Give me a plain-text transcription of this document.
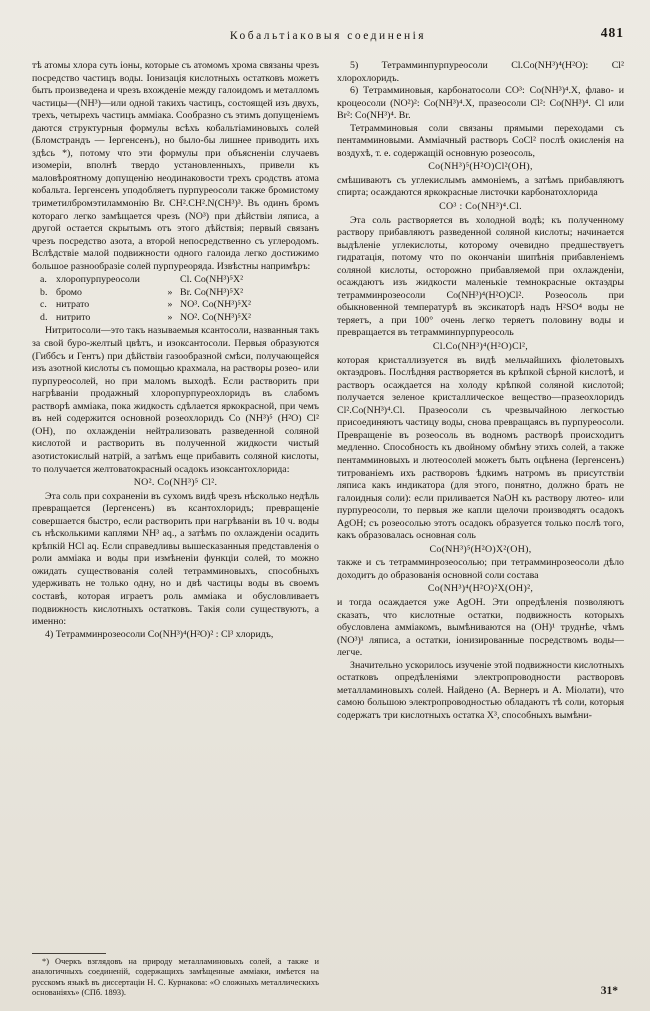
Кобальтіаковыя соединенія	481

тѣ атомы хлора суть іоны, которые съ атомомъ хрома связаны чрезъ посредство частицъ воды. Іонизація кислотныхъ остатковъ можетъ быть произведена и чрезъ вхожденіе между галоидомъ и металломъ частицы—(NH³)—или одной такихъ частицъ, состоящей изъ двухъ, трехъ, четырехъ частицъ амміака. Сообразно съ этимъ допущеніемъ даются структурныя формулы всѣхъ кобальтіаминовыхъ солей (Бломстрандъ — Іергенсенъ), но было-бы лишнее приводить ихъ здѣсь *), потому что эти формулы при объясненіи случаевъ изомеріи, вполнѣ твердо установленныхъ, привели къ маловѣроятному допущенію неодинаковости трехъ сродствъ атома кобальта. Іергенсенъ уподобляетъ пурпуреосоли также бромистому триметилбромэтиламмонію Br. CH².CH².N(CH³)³. Въ одинъ бромъ котораго легко замѣщается чрезъ (NO³) при дѣйствіи ляписа, а другой остается скрытымъ отъ этого дѣйствія; первый связанъ чрезъ посредство азота, а второй непосредственно съ углеродомъ. Вслѣдствіе малой подвижности одного галоида легко достижимо большое разнообразіе солей пурпуреоряда. Извѣстны напримѣръ:

a. хлоропурпуреосоли	Cl. Co(NH³)⁵X²
b. бромо	» Br. Co(NH³)⁵X²
c. нитрато	» NO³. Co(NH³)⁵X²
d. нитрито	» NO². Co(NH³)⁵X²

Нитритосоли—это такъ называемыя ксантосоли, названныя такъ за свой буро-желтый цвѣтъ, и изоксантосоли. Первыя образуются (Гиббсъ и Гентъ) при дѣйствіи газообразной смѣси, получающейся изъ азотной кислоты съ помощью крахмала, на растворы розео- или пурпуреосолей, но при маломъ выходѣ. Если растворить при нагрѣваніи продажный хлоропурпуреохлоридъ въ слабомъ растворѣ амміака, пока жидкость сдѣлается яркокрасной, при чемъ въ ней содержится основной розеохлоридъ Co (NH³)⁵ (H²O) Cl² (OH), по охлажденіи нейтрализовать разведенной соляной кислотой и растворить въ полученной жидкости чистый азотистокислый натрій, а затѣмъ еще прибавить соляной кислоты, то получается желтоватокрасный осадокъ изоксантохлорида:

NO². Co(NH³)⁵ Cl².

Эта соль при сохраненіи въ сухомъ видѣ чрезъ нѣсколько недѣль превращается (Іергенсенъ) въ ксантохлоридъ; превращеніе совершается быстро, если растворить при нагрѣваніи въ 10 ч. воды съ нѣсколькими каплями NH³ aq., а затѣмъ по охлажденіи осадить крѣпкій HCl aq. Если справедливы вышесказанныя представленія о роли амміака и воды при измѣненіи функціи солей, то можно ожидать существованія солей тетрамминовыхъ, способныхъ удерживать не только одну, но и двѣ частицы воды въ своемъ составѣ, которая играетъ роль амміака и обусловливаетъ подвижность кислотныхъ остатковъ. Такія соли существуютъ, а именно:

4) Тетрамминрозеосоли Co(NH³)⁴(H²O)² : Cl³ хлоридъ,

*) Очеркъ взглядовъ на природу металламиновыхъ солей, а также и аналогичныхъ соединеній, содержащихъ замѣщенные амміаки, имѣется на русскомъ языкѣ въ диссертаціи Н. С. Курнакова: «О сложныхъ металлическихъ основаніяхъ» (СПб. 1893).

5) Тетрамминпурпуреосоли Cl.Co(NH³)⁴(H²O): Cl² хлорохлоридъ.

6) Тетрамминовыя, карбонатосоли CO³: Co(NH³)⁴.X, флаво- и кроцеосоли (NO²)²: Co(NH³)⁴.X, празеосоли Cl²: Co(NH³)⁴. Cl или Br²: Co(NH³)⁴. Br.

Тетрамминовыя соли связаны прямыми переходами съ пентамминовыми. Амміачный растворъ CoCl² послѣ окисленія на воздухѣ, т. е. содержащій основную розеосоль,

Co(NH³)⁵(H²O)Cl²(OH),

смѣшиваютъ съ углекислымъ аммоніемъ, а затѣмъ прибавляютъ спирта; осаждаются яркокрасные листочки карбонатохлорида

CO³ : Co(NH³)⁴.Cl.

Эта соль растворяется въ холодной водѣ; къ полученному раствору прибавляютъ разведенной соляной кислоты; начинается выдѣленіе углекислоты, которому очевидно предшествуетъ гидратація, потому что по окончаніи шипѣнія прибавленіемъ соляной кислоты, осторожно прибавляемой при охлажденіи, осаждаютъ изъ жидкости маленькіе темнокрасные октаэдры тетрамминрозеосоли Co(NH³)⁴(H²O)Cl². Розеосоль при обыкновенной температурѣ въ эксикаторѣ надъ H²SO⁴ воды не теряетъ, а при 100° очень легко теряетъ половину воды и превращается въ тетрамминпурпуреосоль

Cl.Co(NH³)⁴(H²O)Cl²,

которая кристаллизуется въ видѣ мельчайшихъ фіолетовыхъ октаэдровъ. Послѣдняя растворяется въ крѣпкой сѣрной кислотѣ, и растворъ осаждается на холоду крѣпкой соляной кислотой; получается зеленое кристаллическое вещество—празеохлоридъ Cl².Co(NH³)⁴.Cl. Празеосоли съ чрезвычайною легкостью присоединяютъ частицу воды, снова превращаясь въ пурпуреосоли. Превращеніе въ розеосоль въ водномъ растворѣ происходитъ медленно. Способность къ двойному обмѣну этихъ солей, а также пентамминовыхъ и лютеосолей можетъ быть оцѣнена (Іергенсенъ) титрованіемъ ихъ растворовъ ѣдкимъ натромъ въ присутствіи ляписа какъ индикатора (для этого, понятно, должно брать не галоидныя соли): если приливается NaOH къ раствору лютео- или пурпуреосоли, то первыя же капли щелочи производятъ осадокъ AgOH; съ розеосолью этотъ осадокъ образуется только послѣ того, какъ образовалась основная соль

Co(NH³)⁵(H²O)X²(OH),

также и съ тетрамминрозеосолью; при тетрамминрозеосоли дѣло доходитъ до образованія основной соли состава

Co(NH³)⁴(H²O)²X(OH)²,

и тогда осаждается уже AgOH. Эти опредѣленія позволяютъ сказать, что кислотные остатки, подвижность которыхъ обусловлена амміакомъ, вымѣниваются на (OH)¹ труднѣе, чѣмъ (NO³)¹ ляписа, а остатки, іонизированные посредствомъ воды—легче.

Значительно ускорилось изученіе этой подвижности кислотныхъ остатковъ опредѣленіями электропроводности растворовъ металламиновыхъ солей. Найдено (А. Вернеръ и А. Міолати), что самою большою электропроводностью обладаютъ тѣ соли, которыя содержатъ три кислотныхъ остатка X³, способныхъ вымѣни-

31*
